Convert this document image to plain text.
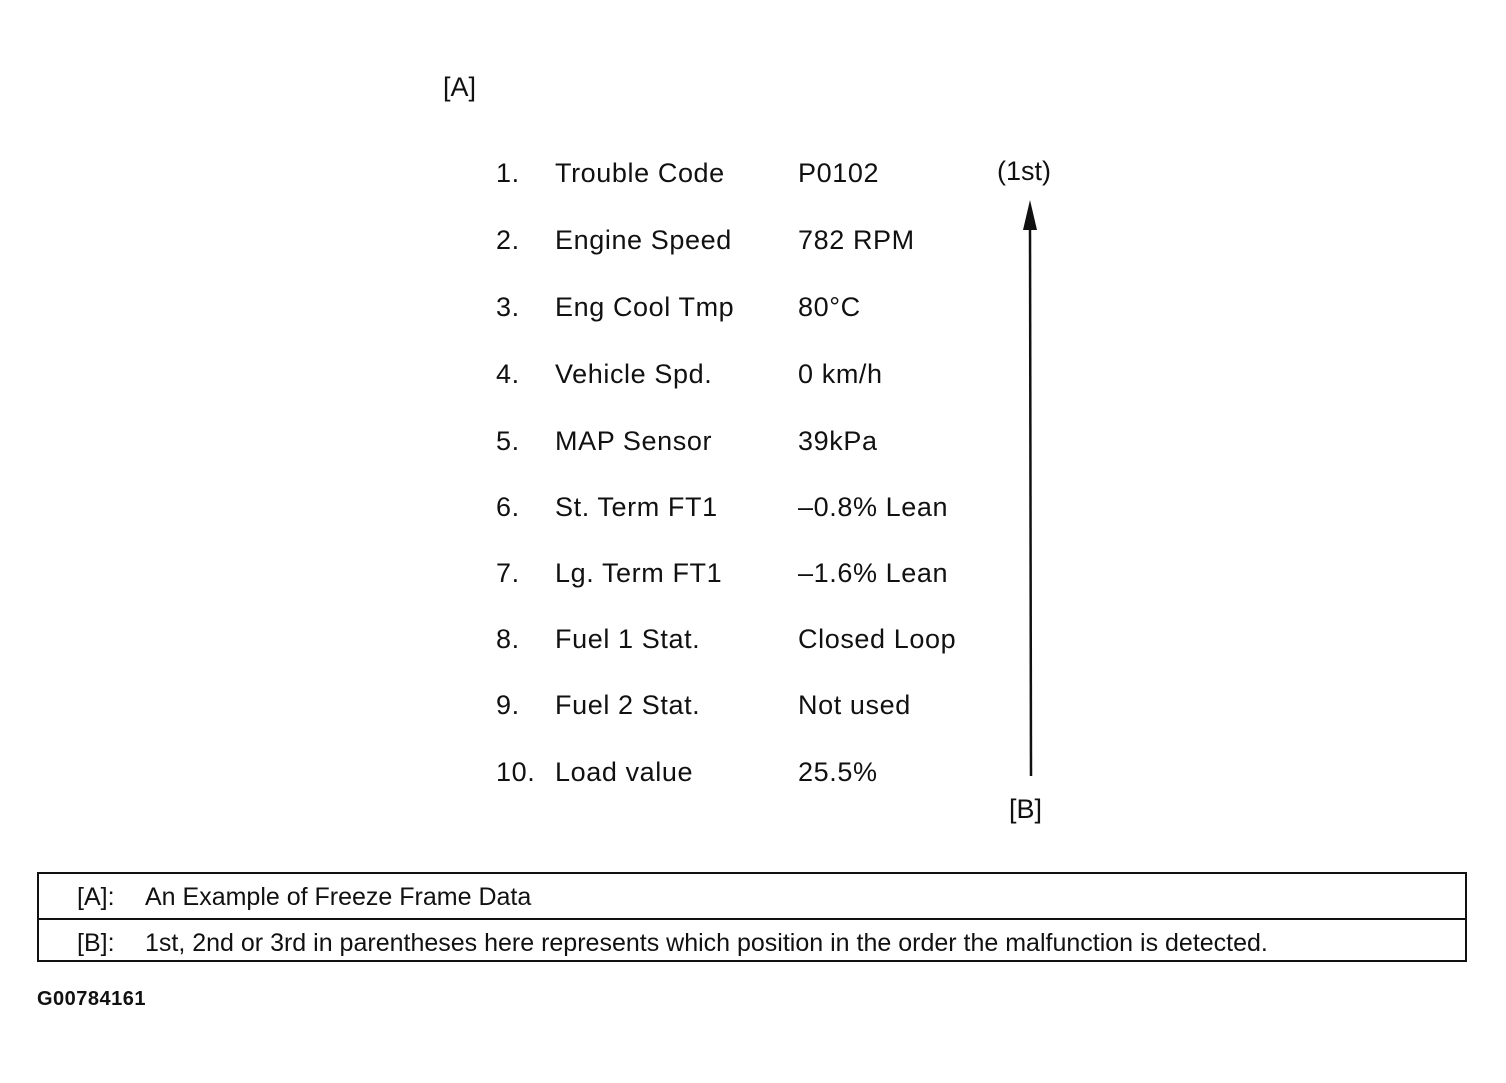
[A]
1. Trouble Code	P0102
2. Engine Speed 782 RPM
3. Eng Cool Tmp 80°C
4. Vehicle Spd.	0 km/h
5. MAP Sensor	39kPa
6. St. Term FT1	–0.8% Lean
7. Lg. Term FT1	–1.6% Lean
8. Fuel 1 Stat.	Closed Loop
9. Fuel 2 Stat.	Not used
10. Load value	25.5%
(1st)
[B]
[A]: An Example of Freeze Frame Data
[B]: 1st, 2nd or 3rd in parentheses here represents which position in the order the malfunction is detected.
G00784161
